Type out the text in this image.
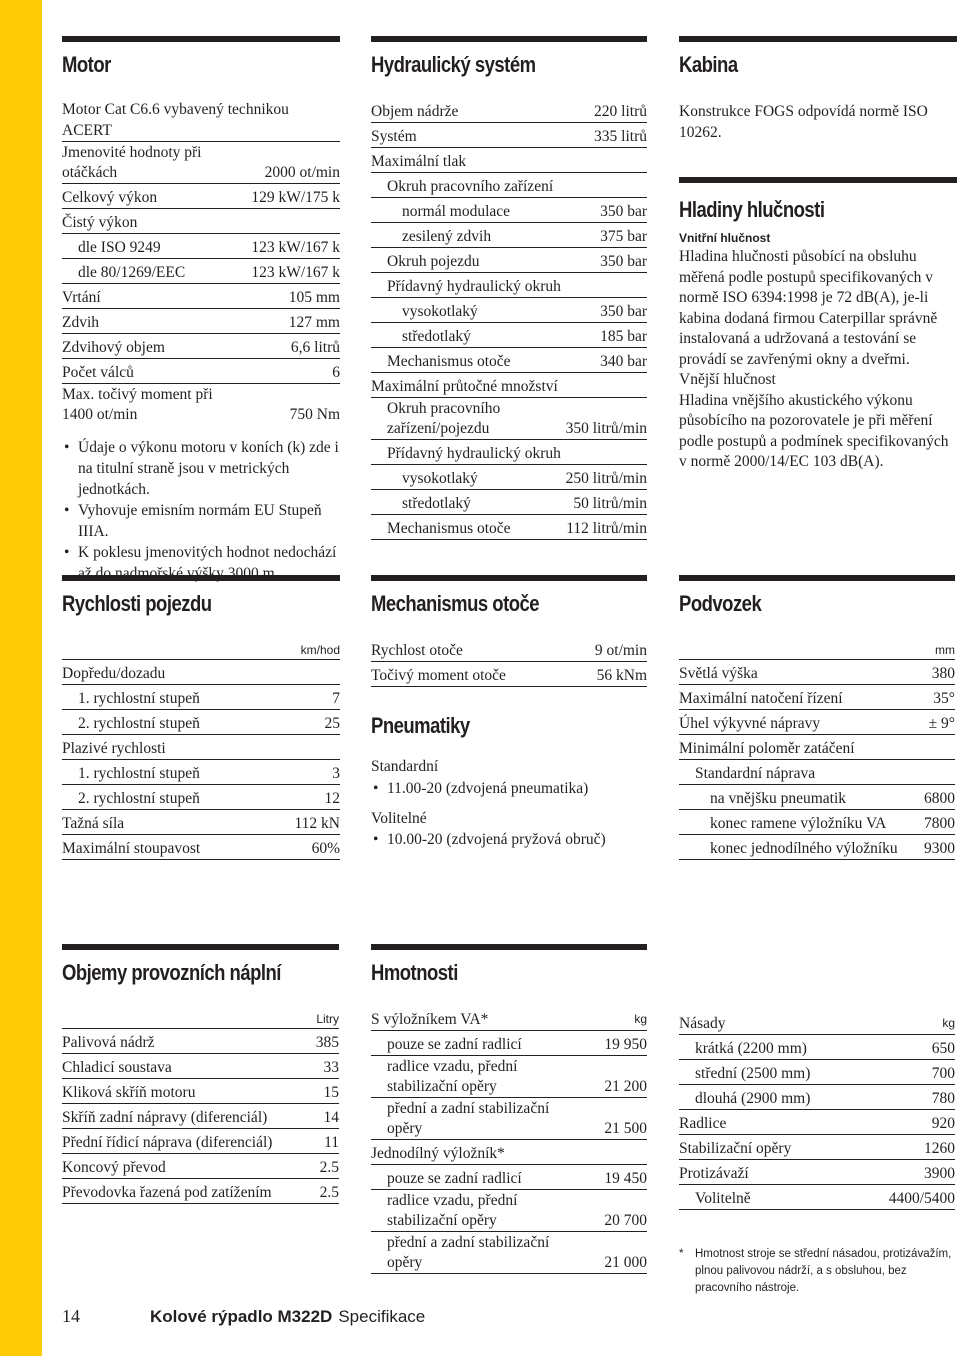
Motor
Motor Cat C6.6 vybavený technikou ACERT
Jmenovité hodnoty při otáčkách	2000 ot/min
Celkový výkon	129 kW/175 k
Čistý výkon
dle ISO 9249	123 kW/167 k
dle 80/1269/EEC	123 kW/167 k
Vrtání	105 mm
Zdvih	127 mm
Zdvihový objem	6,6 litrů
Počet válců	6
Max. točivý moment při 1400 ot/min	750 Nm
• Údaje o výkonu motoru v koních (k) zde i na titulní straně jsou v metrických jednotkách.
• Vyhovuje emisním normám EU Stupeň IIIA.
• K poklesu jmenovitých hodnot nedochází až do nadmořské výšky 3000 m.
Hydraulický systém
Objem nádrže	220 litrů
Systém	335 litrů
Maximální tlak
Okruh pracovního zařízení
normál modulace	350 bar
zesilený zdvih	375 bar
Okruh pojezdu	350 bar
Přídavný hydraulický okruh
vysokotlaký	350 bar
středotlaký	185 bar
Mechanismus otoče	340 bar
Maximální průtočné množství
Okruh pracovního zařízení/pojezdu	350 litrů/min
Přídavný hydraulický okruh
vysokotlaký	250 litrů/min
středotlaký	50 litrů/min
Mechanismus otoče	112 litrů/min
Kabina
Konstrukce FOGS odpovídá normě ISO 10262.
Hladiny hlučnosti
Vnitřní hlučnost
Hladina hlučnosti působící na obsluhu měřená podle postupů specifikovaných v normě ISO 6394:1998 je 72 dB(A), je-li kabina dodaná firmou Caterpillar správně instalovaná a udržovaná a testování se provádí se zavřenými okny a dveřmi.
Vnější hlučnost
Hladina vnějšího akustického výkonu působícího na pozorovatele je při měření podle postupů a podmínek specifikovaných v normě 2000/14/EC 103 dB(A).
Rychlosti pojezdu
km/hod
Dopředu/dozadu
1. rychlostní stupeň	7
2. rychlostní stupeň	25
Plazivé rychlosti
1. rychlostní stupeň	3
2. rychlostní stupeň	12
Tažná síla	112 kN
Maximální stoupavost	60%
Mechanismus otoče
Rychlost otoče	9 ot/min
Točivý moment otoče	56 kNm
Pneumatiky
Standardní
• 11.00-20 (zdvojená pneumatika)
Volitelné
• 10.00-20 (zdvojená pryžová obruč)
Podvozek
mm
Světlá výška	380
Maximální natočení řízení	35°
Úhel výkyvné nápravy	± 9°
Minimální poloměr zatáčení
Standardní náprava
na vnějšku pneumatik	6800
konec ramene výložníku VA	7800
konec jednodílného výložníku	9300
Objemy provozních náplní
Litry
Palivová nádrž	385
Chladicí soustava	33
Kliková skříň motoru	15
Skříň zadní nápravy (diferenciál)	14
Přední řídicí náprava (diferenciál)	11
Koncový převod	2.5
Převodovka řazená pod zatížením	2.5
Hmotnosti
S výložníkem VA*	kg
pouze se zadní radlicí	19 950
radlice vzadu, přední stabilizační opěry	21 200
přední a zadní stabilizační opěry	21 500
Jednodílný výložník*
pouze se zadní radlicí	19 450
radlice vzadu, přední stabilizační opěry	20 700
přední a zadní stabilizační opěry	21 000
Násady	kg
krátká (2200 mm)	650
střední (2500 mm)	700
dlouhá (2900 mm)	780
Radlice	920
Stabilizační opěry	1260
Protizávaží	3900
Volitelně	4400/5400
*	Hmotnost stroje se střední násadou, protizávažím, plnou palivovou nádrží, a s obsluhou, bez pracovního nástroje.
14	Kolové rýpadlo M322D Specifikace
